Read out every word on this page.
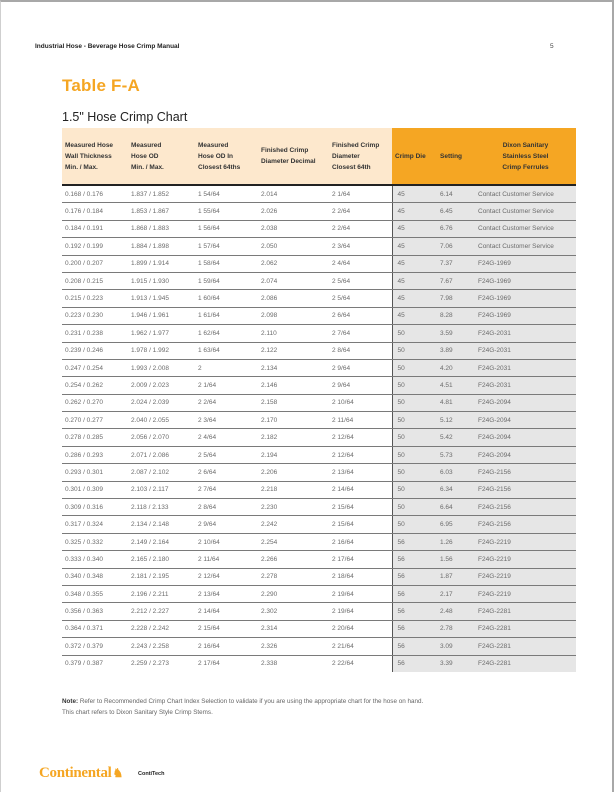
Industrial Hose - Beverage Hose Crimp Manual	5
Table F-A
1.5" Hose Crimp Chart
Measured Hose
Wall Thickness
Min. / Max.	Measured
Hose OD
Min. / Max.	Measured
Hose OD In
Closest 64ths	Finished Crimp
Diameter Decimal	Finished Crimp
Diameter
Closest 64th	Crimp Die	Setting	Dixon Sanitary
Stainless Steel
Crimp Ferrules
0.168 / 0.176	1.837 / 1.852	1 54/64	2.014	2 1/64	45	6.14	Contact Customer Service
0.176 / 0.184	1.853 / 1.867	1 55/64	2.026	2 2/64	45	6.45	Contact Customer Service
0.184 / 0.191	1.868 / 1.883	1 56/64	2.038	2 2/64	45	6.76	Contact Customer Service
0.192 / 0.199	1.884 / 1.898	1 57/64	2.050	2 3/64	45	7.06	Contact Customer Service
0.200 / 0.207	1.899 / 1.914	1 58/64	2.062	2 4/64	45	7.37	F24G-1969
0.208 / 0.215	1.915 / 1.930	1 59/64	2.074	2 5/64	45	7.67	F24G-1969
0.215 / 0.223	1.913 / 1.945	1 60/64	2.086	2 5/64	45	7.98	F24G-1969
0.223 / 0.230	1.946 / 1.961	1 61/64	2.098	2 6/64	45	8.28	F24G-1969
0.231 / 0.238	1.962 / 1.977	1 62/64	2.110	2 7/64	50	3.59	F24G-2031
0.239 / 0.246	1.978 / 1.992	1 63/64	2.122	2 8/64	50	3.89	F24G-2031
0.247 / 0.254	1.993 / 2.008	2	2.134	2 9/64	50	4.20	F24G-2031
0.254 / 0.262	2.009 / 2.023	2 1/64	2.146	2 9/64	50	4.51	F24G-2031
0.262 / 0.270	2.024 / 2.039	2 2/64	2.158	2 10/64	50	4.81	F24G-2094
0.270 / 0.277	2.040 / 2.055	2 3/64	2.170	2 11/64	50	5.12	F24G-2094
0.278 / 0.285	2.056 / 2.070	2 4/64	2.182	2 12/64	50	5.42	F24G-2094
0.286 / 0.293	2.071 / 2.086	2 5/64	2.194	2 12/64	50	5.73	F24G-2094
0.293 / 0.301	2.087 / 2.102	2 6/64	2.206	2 13/64	50	6.03	F24G-2156
0.301 / 0.309	2.103 / 2.117	2 7/64	2.218	2 14/64	50	6.34	F24G-2156
0.309 / 0.316	2.118 / 2.133	2 8/64	2.230	2 15/64	50	6.64	F24G-2156
0.317 / 0.324	2.134 / 2.148	2 9/64	2.242	2 15/64	50	6.95	F24G-2156
0.325 / 0.332	2.149 / 2.164	2 10/64	2.254	2 16/64	56	1.26	F24G-2219
0.333 / 0.340	2.165 / 2.180	2 11/64	2.266	2 17/64	56	1.56	F24G-2219
0.340 / 0.348	2.181 / 2.195	2 12/64	2.278	2 18/64	56	1.87	F24G-2219
0.348 / 0.355	2.196 / 2.211	2 13/64	2.290	2 19/64	56	2.17	F24G-2219
0.356 / 0.363	2.212 / 2.227	2 14/64	2.302	2 19/64	56	2.48	F24G-2281
0.364 / 0.371	2.228 / 2.242	2 15/64	2.314	2 20/64	56	2.78	F24G-2281
0.372 / 0.379	2.243 / 2.258	2 16/64	2.326	2 21/64	56	3.09	F24G-2281
0.379 / 0.387	2.259 / 2.273	2 17/64	2.338	2 22/64	56	3.39	F24G-2281
Note: Refer to Recommended Crimp Chart Index Selection to validate if you are using the appropriate chart for the hose on hand.
This chart refers to Dixon Sanitary Style Crimp Stems.
Continental♞	ContiTech
